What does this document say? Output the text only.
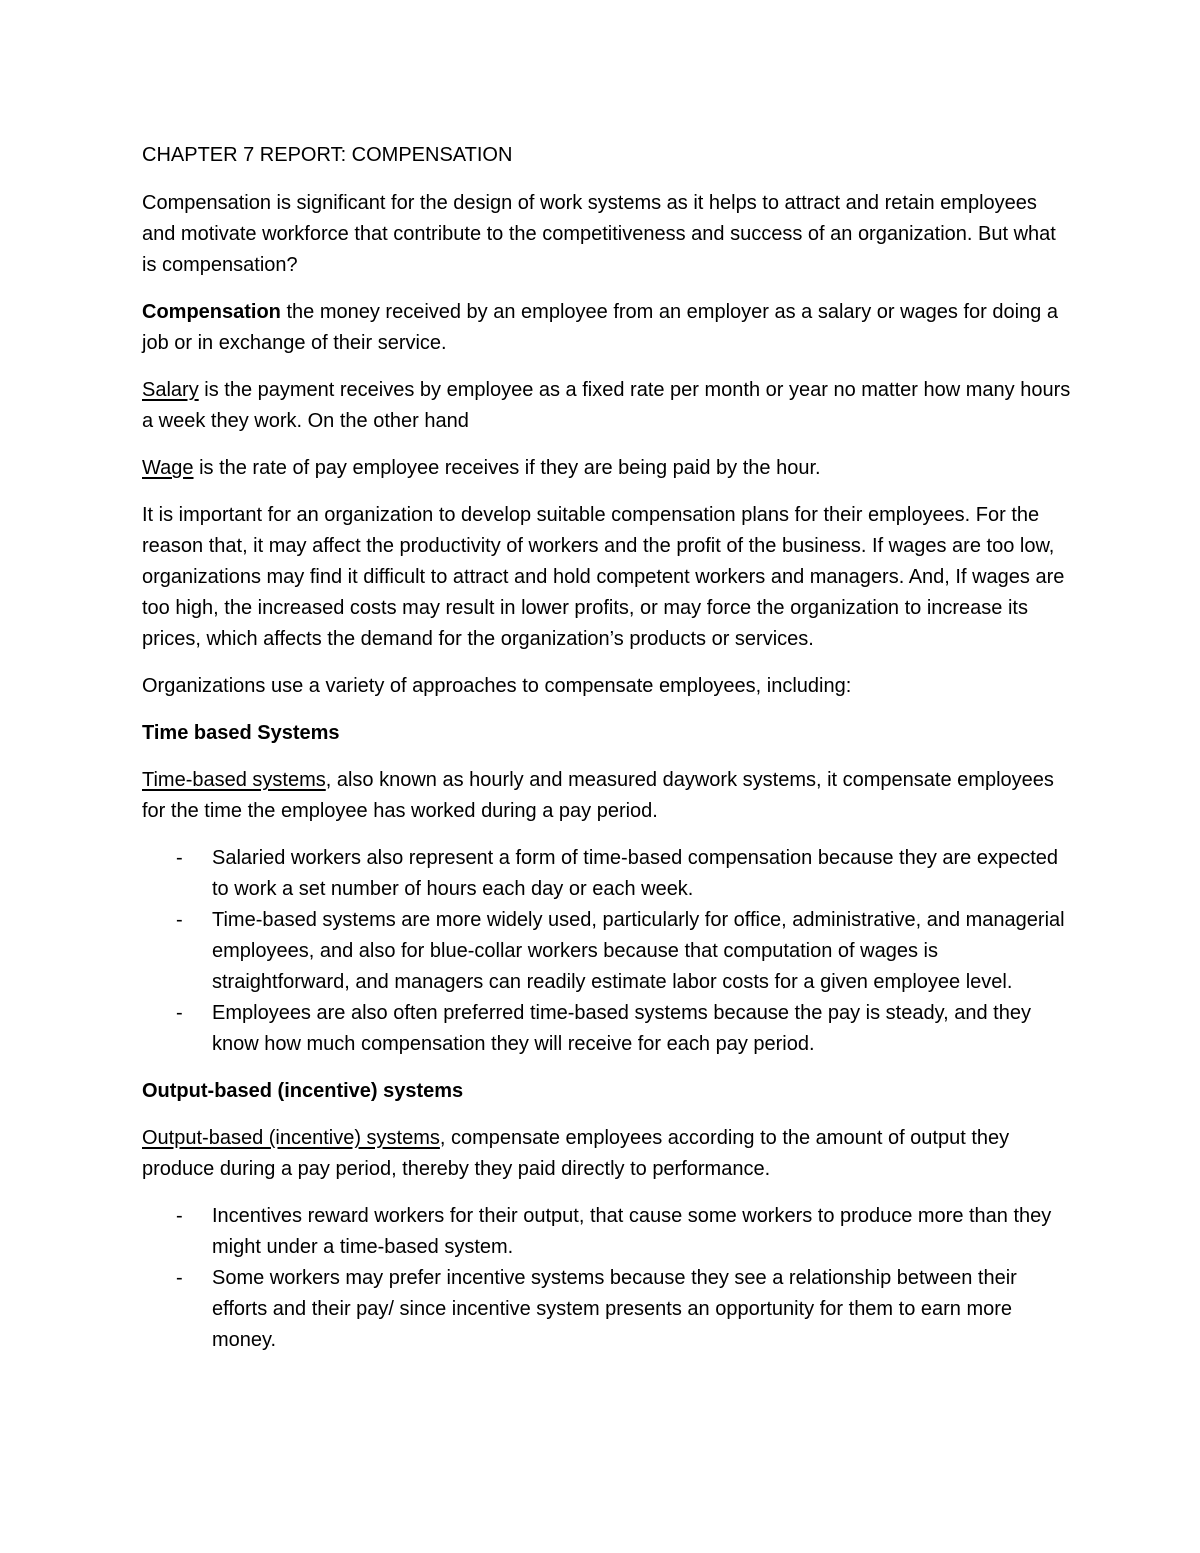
CHAPTER 7 REPORT: COMPENSATION

Compensation is significant for the design of work systems as it helps to attract and retain employees and motivate workforce that contribute to the competitiveness and success of an organization. But what is compensation?

Compensation the money received by an employee from an employer as a salary or wages for doing a job or in exchange of their service.

Salary is the payment receives by employee as a fixed rate per month or year no matter how many hours a week they work. On the other hand

Wage is the rate of pay employee receives if they are being paid by the hour.

It is important for an organization to develop suitable compensation plans for their employees. For the reason that, it may affect the productivity of workers and the profit of the business. If wages are too low, organizations may find it difficult to attract and hold competent workers and managers. And, If wages are too high, the increased costs may result in lower profits, or may force the organization to increase its prices, which affects the demand for the organization’s products or services.

Organizations use a variety of approaches to compensate employees, including:

Time based Systems

Time-based systems, also known as hourly and measured daywork systems, it compensate employees for the time the employee has worked during a pay period.

- Salaried workers also represent a form of time-based compensation because they are expected to work a set number of hours each day or each week.
- Time-based systems are more widely used, particularly for office, administrative, and managerial employees, and also for blue-collar workers because that computation of wages is straightforward, and managers can readily estimate labor costs for a given employee level.
- Employees are also often preferred time-based systems because the pay is steady, and they know how much compensation they will receive for each pay period.

Output-based (incentive) systems

Output-based (incentive) systems, compensate employees according to the amount of output they produce during a pay period, thereby they paid directly to performance.

- Incentives reward workers for their output, that cause some workers to produce more than they might under a time-based system.
- Some workers may prefer incentive systems because they see a relationship between their efforts and their pay/ since incentive system presents an opportunity for them to earn more money.
